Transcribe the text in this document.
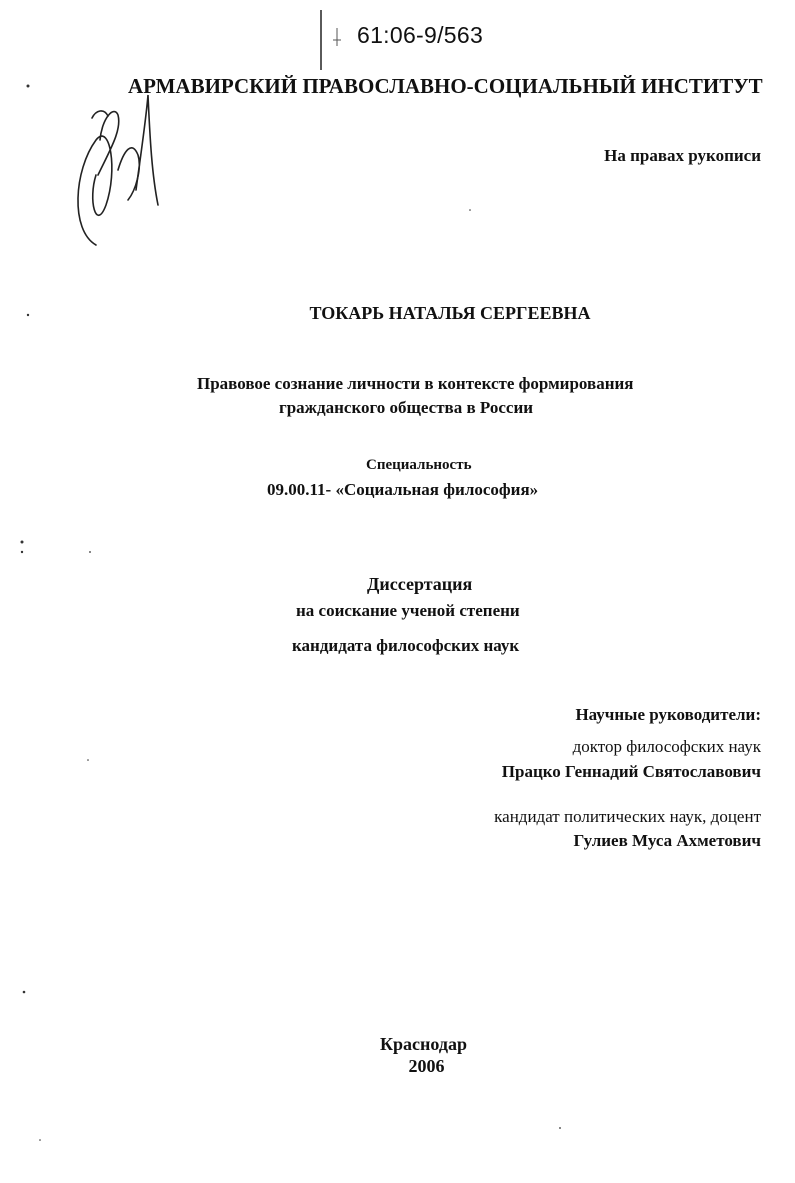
61:06-9/563
АРМАВИРСКИЙ ПРАВОСЛАВНО-СОЦИАЛЬНЫЙ ИНСТИТУТ
На правах рукописи
ТОКАРЬ НАТАЛЬЯ СЕРГЕЕВНА
Правовое сознание личности в контексте формирования
гражданского общества в России
Специальность
09.00.11- «Социальная философия»
Диссертация
на соискание ученой степени
кандидата философских наук
Научные руководители:
доктор философских наук
Працко Геннадий Святославович
кандидат политических наук, доцент
Гулиев Муса Ахметович
Краснодар
2006
